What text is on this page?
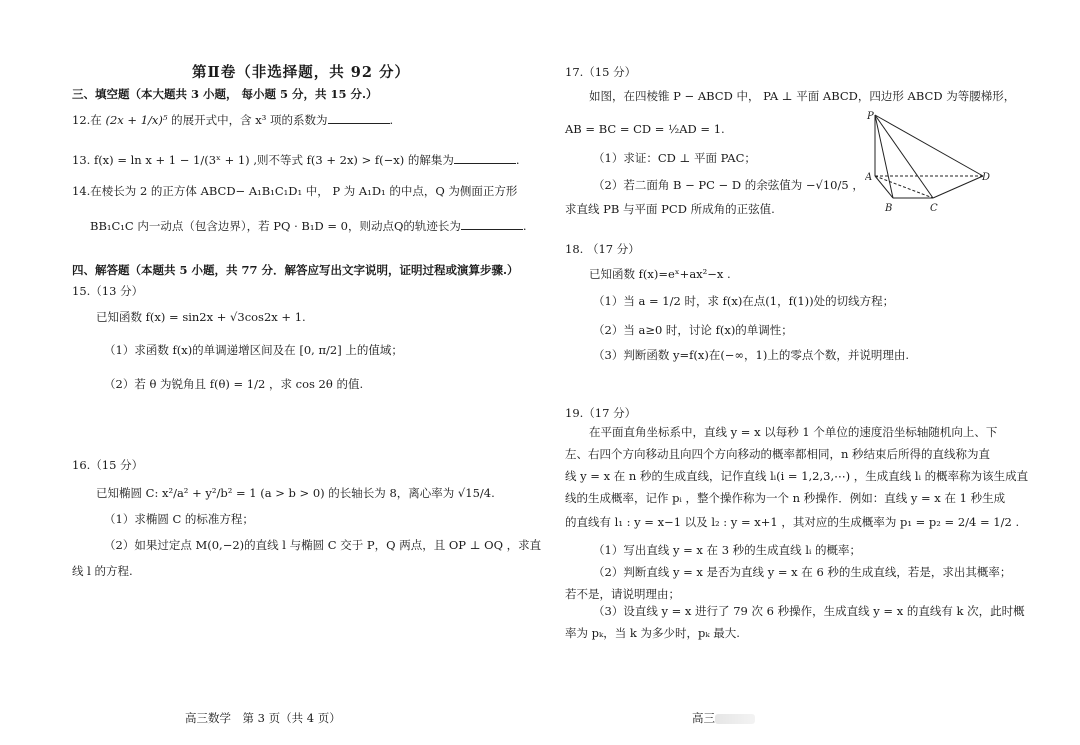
第Ⅱ卷（非选择题，共 92 分）
三、填空题（本大题共 3 小题， 每小题 5 分，共 15 分.）
12.在 (2x + 1/x)⁵ 的展开式中，含 x³ 项的系数为	.
13. f(x) = ln x + 1 − 1/(3ˣ + 1) ,则不等式 f(3 + 2x) > f(−x) 的解集为	.
14.在棱长为 2 的正方体 ABCD− A₁B₁C₁D₁ 中， P 为 A₁D₁ 的中点，Q 为侧面正方形
BB₁C₁C 内一动点（包含边界），若 PQ · B₁D = 0，则动点Q的轨迹长为	.
四、解答题（本题共 5 小题，共 77 分．解答应写出文字说明，证明过程或演算步骤.）
15.（13 分）
已知函数 f(x) = sin2x + √3cos2x + 1.
（1）求函数 f(x)的单调递增区间及在 [0, π/2] 上的值域；
（2）若 θ 为锐角且 f(θ) = 1/2 ，求 cos 2θ 的值.
16.（15 分）
已知椭圆 C: x²/a² + y²/b² = 1 (a > b > 0) 的长轴长为 8，离心率为 √15/4.
（1）求椭圆 C 的标准方程；
（2）如果过定点 M(0,−2)的直线 l 与椭圆 C 交于 P，Q 两点，且 OP ⊥ OQ ，求直
线 l 的方程.
17.（15 分）
如图，在四棱锥 P − ABCD 中， PA ⊥ 平面 ABCD，四边形 ABCD 为等腰梯形，
AB = BC = CD = ½AD = 1.
（1）求证：CD ⊥ 平面 PAC；
（2）若二面角 B − PC − D 的余弦值为 −√10/5 ，
求直线 PB 与平面 PCD 所成角的正弦值.
P
A
B	C
D
18. （17 分）
已知函数 f(x)=eˣ+ax²−x .
（1）当 a = 1/2 时，求 f(x)在点(1，f(1))处的切线方程；
（2）当 a≥0 时，讨论 f(x)的单调性；
（3）判断函数 y=f(x)在(−∞，1)上的零点个数，并说明理由.
19.（17 分）
在平面直角坐标系中，直线 y = x 以每秒 1 个单位的速度沿坐标轴随机向上、下
左、右四个方向移动且向四个方向移动的概率都相同，n 秒结束后所得的直线称为直
线 y = x 在 n 秒的生成直线，记作直线 lᵢ(i = 1,2,3,⋯) ，生成直线 lᵢ 的概率称为该生成直
线的生成概率，记作 pᵢ ，整个操作称为一个 n 秒操作．例如：直线 y = x 在 1 秒生成
的直线有 l₁ : y = x−1 以及 l₂ : y = x+1 ，其对应的生成概率为 p₁ = p₂ = 2/4 = 1/2 .
（1）写出直线 y = x 在 3 秒的生成直线 lᵢ 的概率；
（2）判断直线 y = x 是否为直线 y = x 在 6 秒的生成直线，若是，求出其概率；
若不是，请说明理由；
（3）设直线 y = x 进行了 79 次 6 秒操作，生成直线 y = x 的直线有 k 次，此时概
率为 pₖ，当 k 为多少时，pₖ 最大.
高三数学　第 3 页（共 4 页）	高三
